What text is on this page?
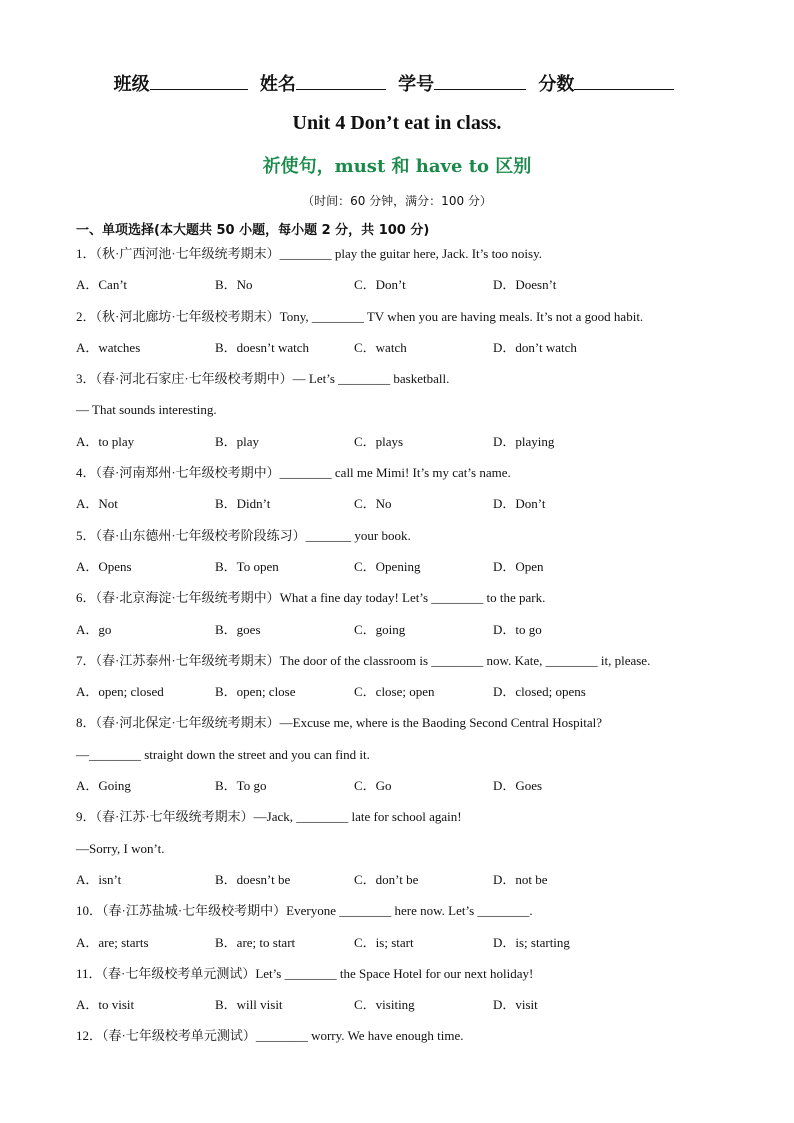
班级	姓名	学号	分数
Unit 4 Don’t eat in class.
祈使句，must 和 have to 区别
（时间：60 分钟，满分：100 分）
一、单项选择(本大题共 50 小题，每小题 2 分，共 100 分)
1．（秋·广西河池·七年级统考期末）________ play the guitar here, Jack. It’s too noisy.
A．Can’t	B．No	C．Don’t	D．Doesn’t
2．（秋·河北廊坊·七年级校考期末）Tony, ________ TV when you are having meals. It’s not a good habit.
A．watches	B．doesn’t watch	C．watch	D．don’t watch
3．（春·河北石家庄·七年级校考期中）— Let’s ________ basketball.
— That sounds interesting.
A．to play	B．play	C．plays	D．playing
4．（春·河南郑州·七年级校考期中）________ call me Mimi! It’s my cat’s name.
A．Not	B．Didn’t	C．No	D．Don’t
5．（春·山东德州·七年级校考阶段练习）_______ your book.
A．Opens	B．To open	C．Opening	D．Open
6．（春·北京海淀·七年级统考期中）What a fine day today! Let’s ________ to the park.
A．go	B．goes	C．going	D．to go
7．（春·江苏泰州·七年级统考期末）The door of the classroom is ________ now. Kate, ________ it, please.
A．open; closed	B．open; close	C．close; open	D．closed; opens
8．（春·河北保定·七年级统考期末）—Excuse me, where is the Baoding Second Central Hospital?
—________ straight down the street and you can find it.
A．Going	B．To go	C．Go	D．Goes
9．（春·江苏·七年级统考期末）—Jack, ________ late for school again!
—Sorry, I won’t.
A．isn’t	B．doesn’t be	C．don’t be	D．not be
10．（春·江苏盐城·七年级校考期中）Everyone ________ here now. Let’s ________.
A．are; starts	B．are; to start	C．is; start	D．is; starting
11．（春·七年级校考单元测试）Let’s ________ the Space Hotel for our next holiday!
A．to visit	B．will visit	C．visiting	D．visit
12．（春·七年级校考单元测试）________ worry. We have enough time.
